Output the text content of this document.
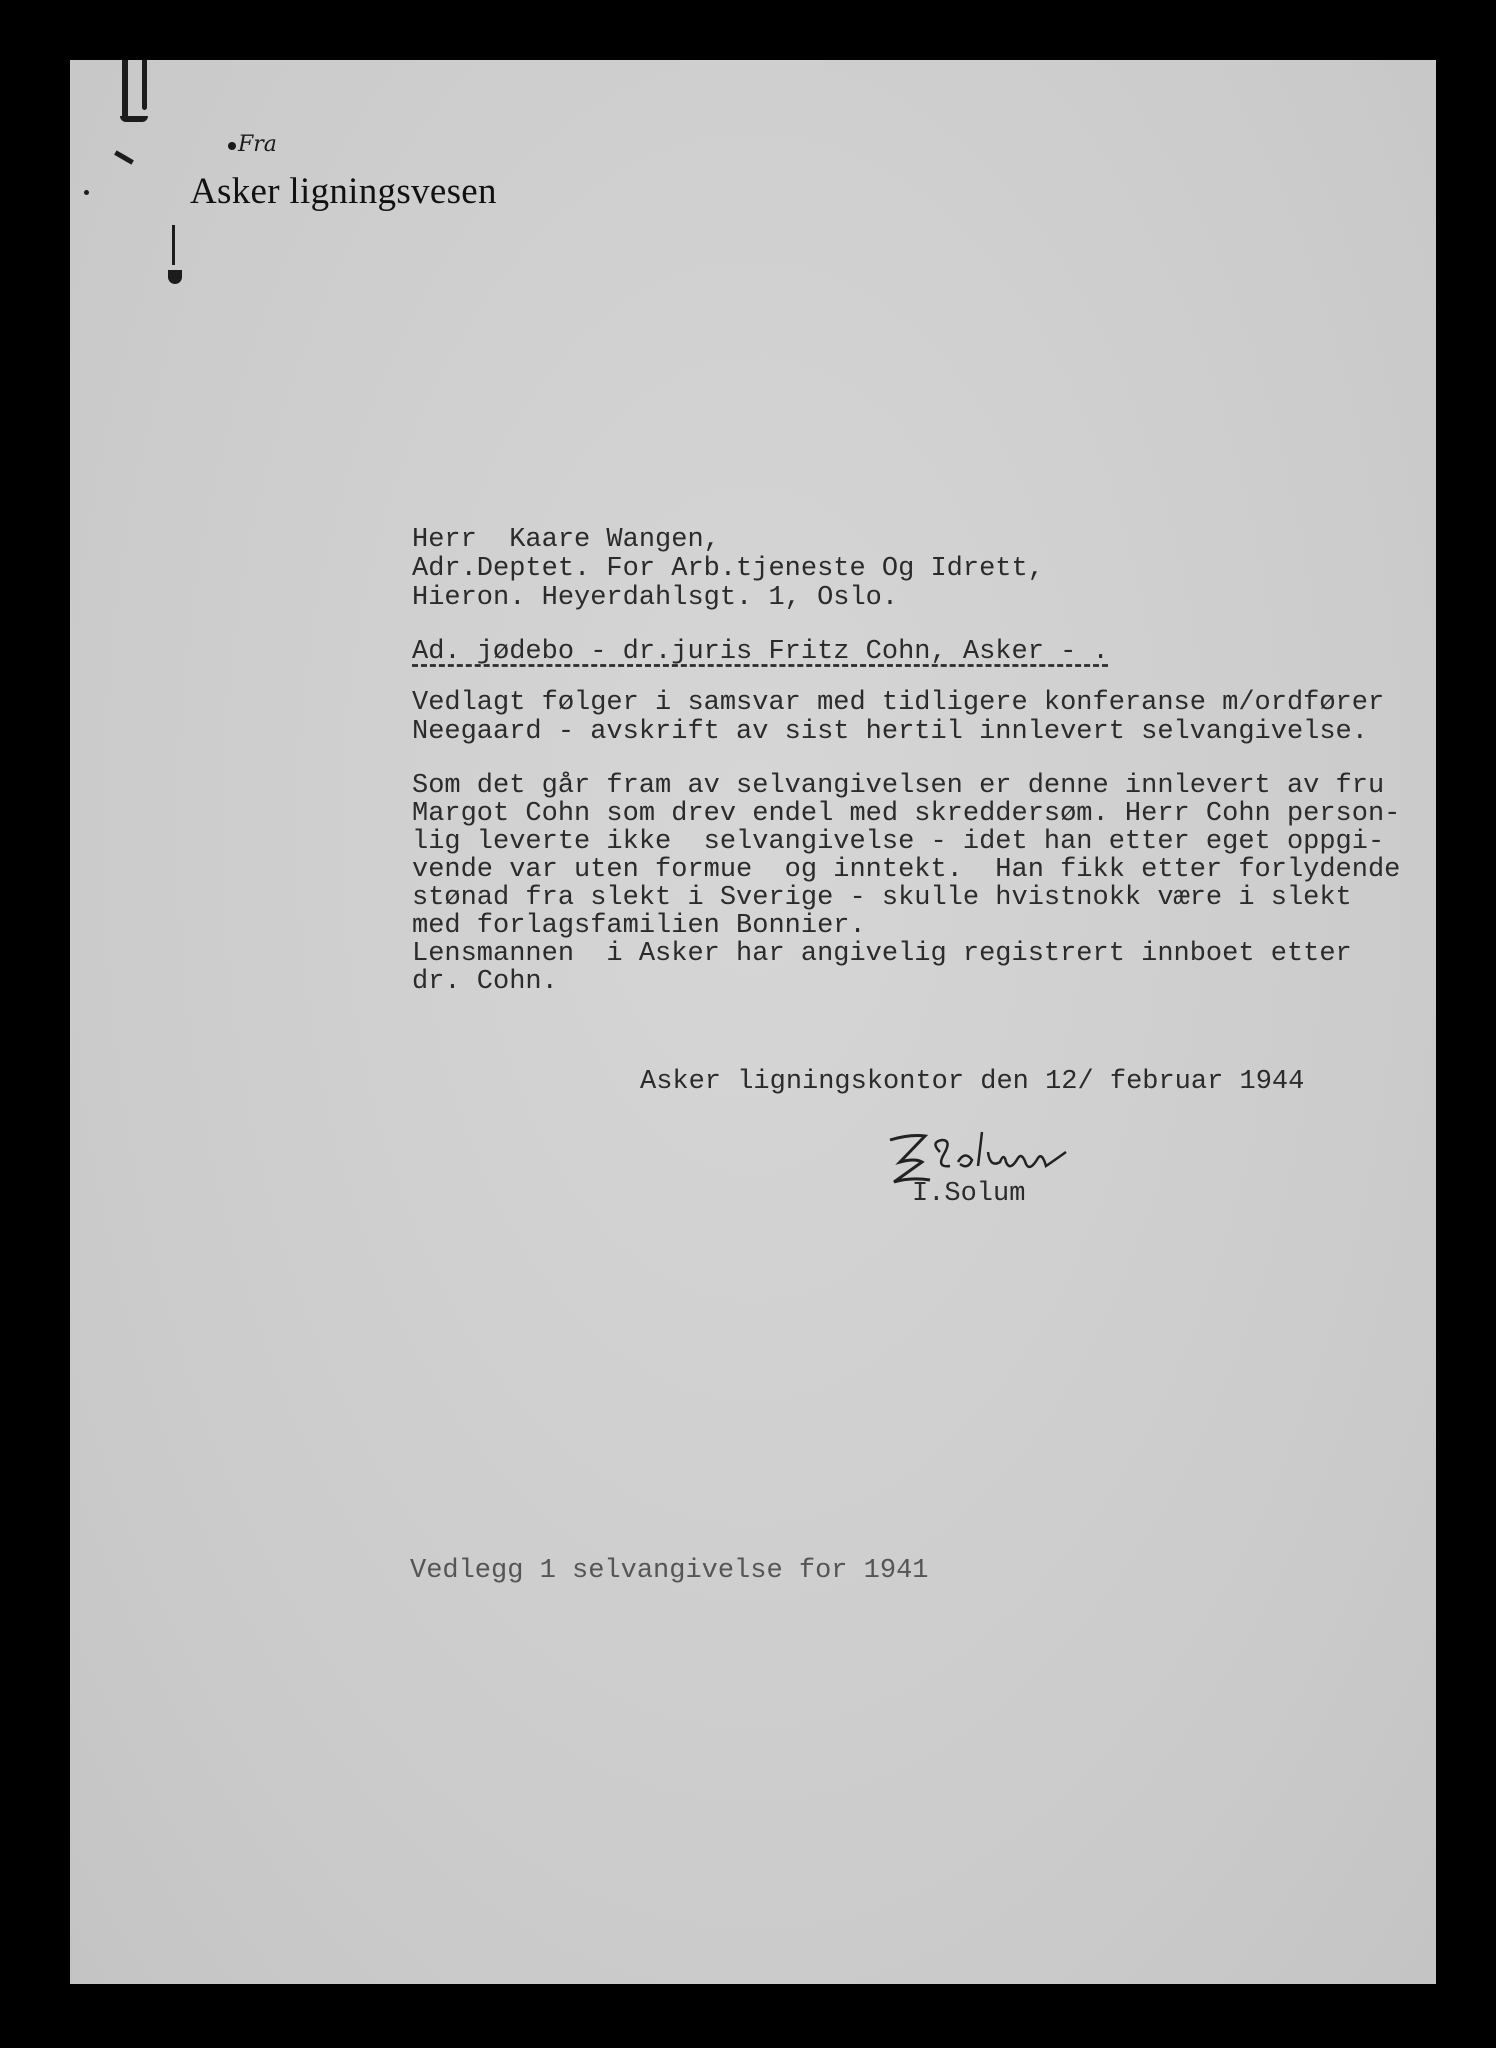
Fra
Asker ligningsvesen
Herr  Kaare Wangen,
Adr.Deptet. For Arb.tjeneste Og Idrett,
Hieron. Heyerdahlsgt. 1, Oslo.
Ad. jødebo - dr.juris Fritz Cohn, Asker - .
Vedlagt følger i samsvar med tidligere konferanse m/ordfører
Neegaard - avskrift av sist hertil innlevert selvangivelse.
Som det går fram av selvangivelsen er denne innlevert av fru
Margot Cohn som drev endel med skreddersøm. Herr Cohn person-
lig leverte ikke  selvangivelse - idet han etter eget oppgi-
vende var uten formue  og inntekt.  Han fikk etter forlydende
stønad fra slekt i Sverige - skulle hvistnokk være i slekt
med forlagsfamilien Bonnier.
Lensmannen  i Asker har angivelig registrert innboet etter
dr. Cohn.
Asker ligningskontor den 12/ februar 1944
I.Solum
Vedlegg 1 selvangivelse for 1941
